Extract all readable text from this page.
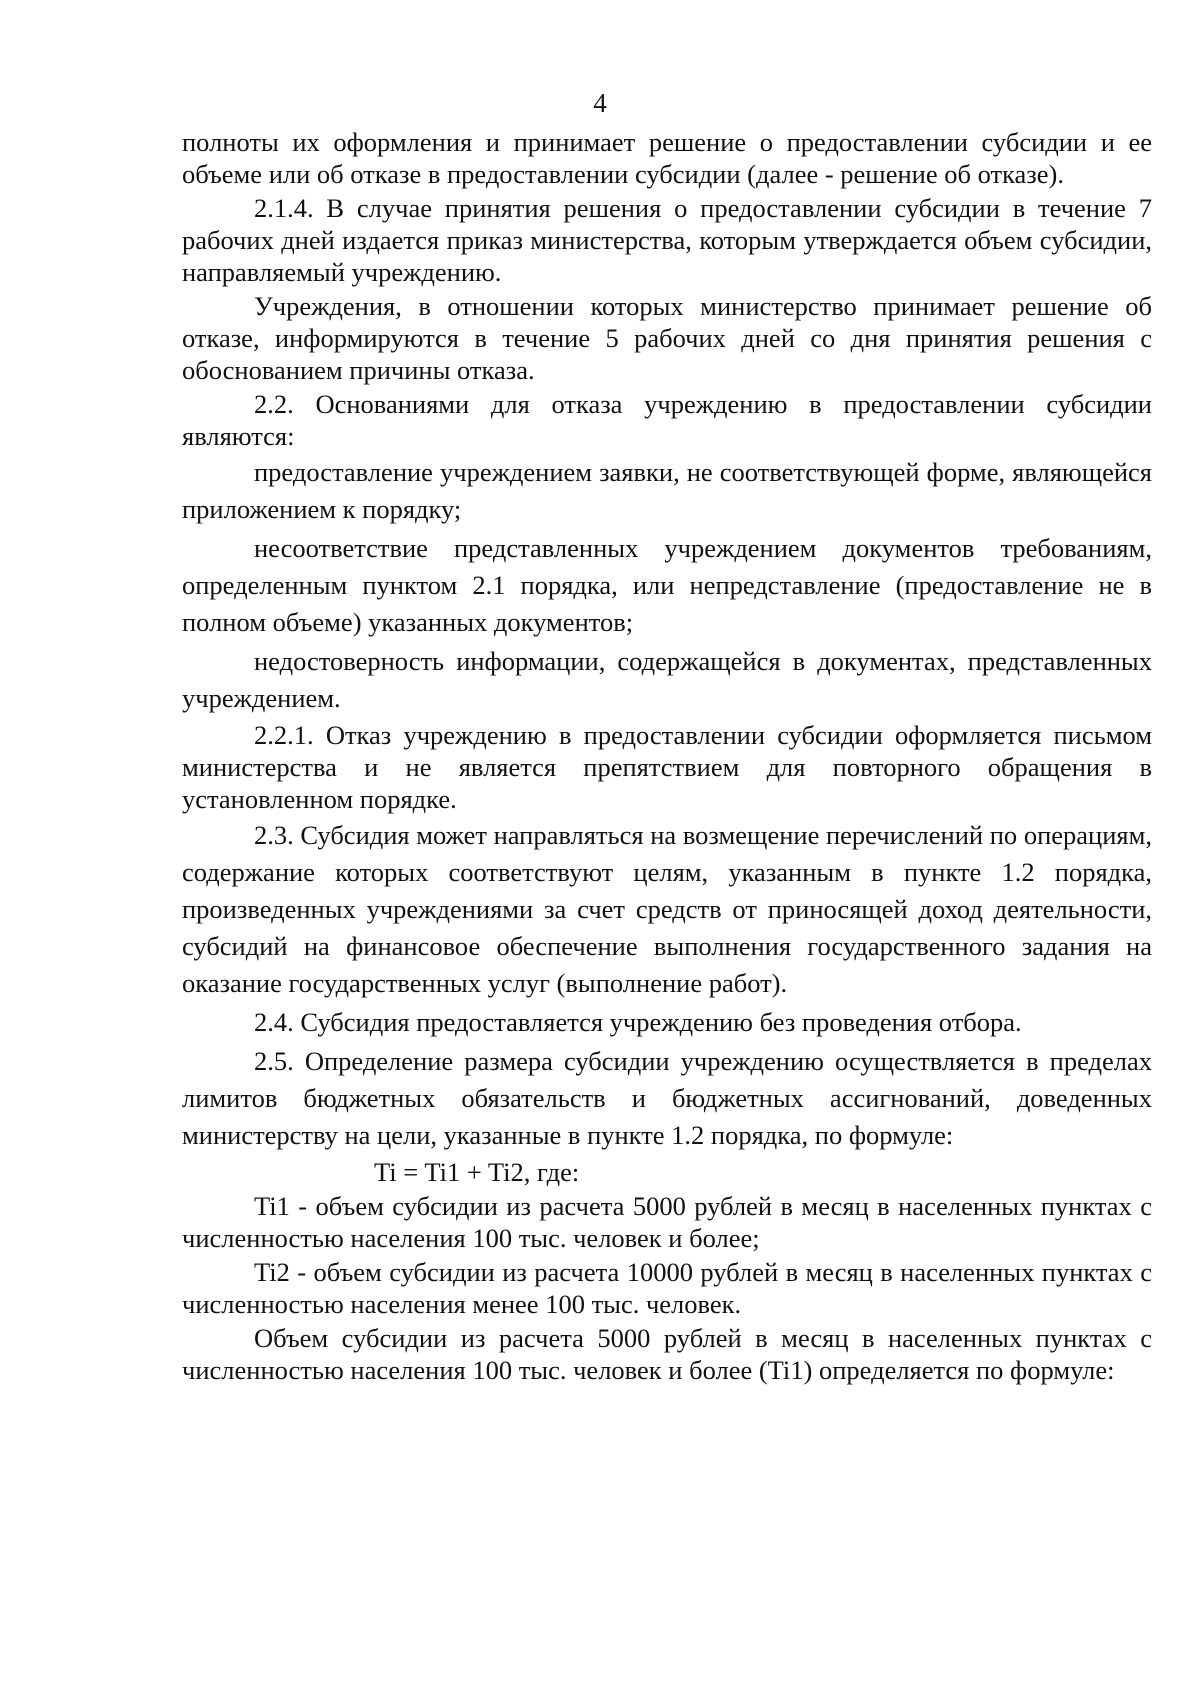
4

полноты их оформления и принимает решение о предоставлении субсидии и ее объеме или об отказе в предоставлении субсидии (далее - решение об отказе).

2.1.4. В случае принятия решения о предоставлении субсидии в течение 7 рабочих дней издается приказ министерства, которым утверждается объем субсидии, направляемый учреждению.

Учреждения, в отношении которых министерство принимает решение об отказе, информируются в течение 5 рабочих дней со дня принятия решения с обоснованием причины отказа.

2.2. Основаниями для отказа учреждению в предоставлении субсидии являются:

предоставление учреждением заявки, не соответствующей форме, являющейся приложением к порядку;

несоответствие представленных учреждением документов требованиям, определенным пунктом 2.1 порядка, или непредставление (предоставление не в полном объеме) указанных документов;

недостоверность информации, содержащейся в документах, представленных учреждением.

2.2.1. Отказ учреждению в предоставлении субсидии оформляется письмом министерства и не является препятствием для повторного обращения в установленном порядке.

2.3. Субсидия может направляться на возмещение перечислений по операциям, содержание которых соответствуют целям, указанным в пункте 1.2 порядка, произведенных учреждениями за счет средств от приносящей доход деятельности, субсидий на финансовое обеспечение выполнения государственного задания на оказание государственных услуг (выполнение работ).

2.4. Субсидия предоставляется учреждению без проведения отбора.

2.5. Определение размера субсидии учреждению осуществляется в пределах лимитов бюджетных обязательств и бюджетных ассигнований, доведенных министерству на цели, указанные в пункте 1.2 порядка, по формуле:

Ti = Ti1 + Ti2, где:

Ti1 - объем субсидии из расчета 5000 рублей в месяц в населенных пунктах с численностью населения 100 тыс. человек и более;

Ti2 - объем субсидии из расчета 10000 рублей в месяц в населенных пунктах с численностью населения менее 100 тыс. человек.

Объем субсидии из расчета 5000 рублей в месяц в населенных пунктах с численностью населения 100 тыс. человек и более (Ti1) определяется по формуле:
